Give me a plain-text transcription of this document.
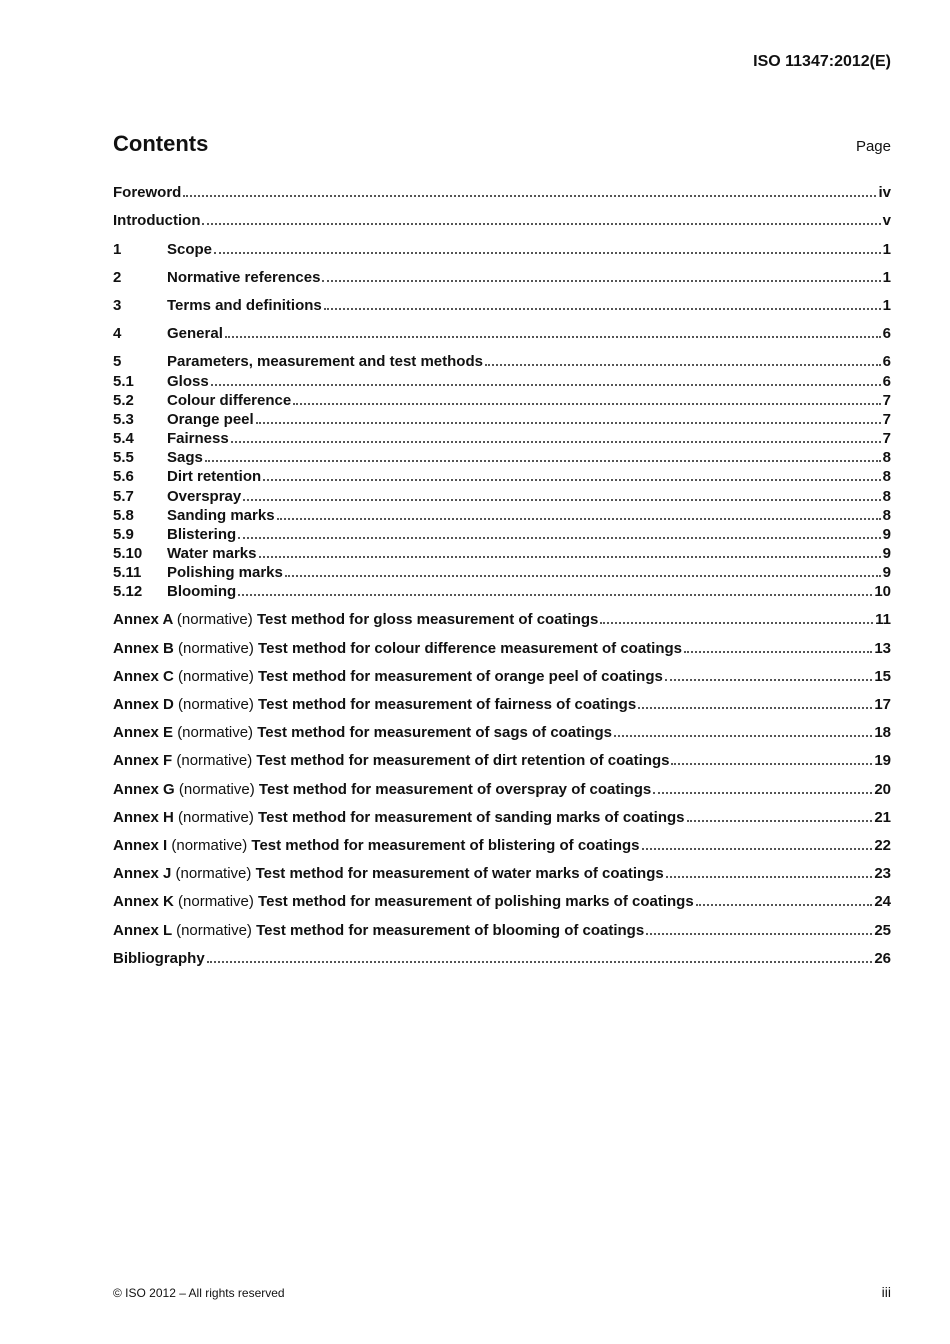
ISO 11347:2012(E)
Contents	Page
Foreword	iv
Introduction	v
1	Scope	1
2	Normative references	1
3	Terms and definitions	1
4	General	6
5	Parameters, measurement and test methods	6
5.1	Gloss	6
5.2	Colour difference	7
5.3	Orange peel	7
5.4	Fairness	7
5.5	Sags	8
5.6	Dirt retention	8
5.7	Overspray	8
5.8	Sanding marks	8
5.9	Blistering	9
5.10	Water marks	9
5.11	Polishing marks	9
5.12	Blooming	10
Annex A (normative) Test method for gloss measurement of coatings	11
Annex B (normative) Test method for colour difference measurement of coatings	13
Annex C (normative) Test method for measurement of orange peel of coatings	15
Annex D (normative) Test method for measurement of fairness of coatings	17
Annex E (normative) Test method for measurement of sags of coatings	18
Annex F (normative) Test method for measurement of dirt retention of coatings	19
Annex G (normative) Test method for measurement of overspray of coatings	20
Annex H (normative) Test method for measurement of sanding marks of coatings	21
Annex I (normative) Test method for measurement of blistering of coatings	22
Annex J (normative) Test method for measurement of water marks of coatings	23
Annex K (normative) Test method for measurement of polishing marks of coatings	24
Annex L (normative) Test method for measurement of blooming of coatings	25
Bibliography	26
© ISO 2012 – All rights reserved	iii
